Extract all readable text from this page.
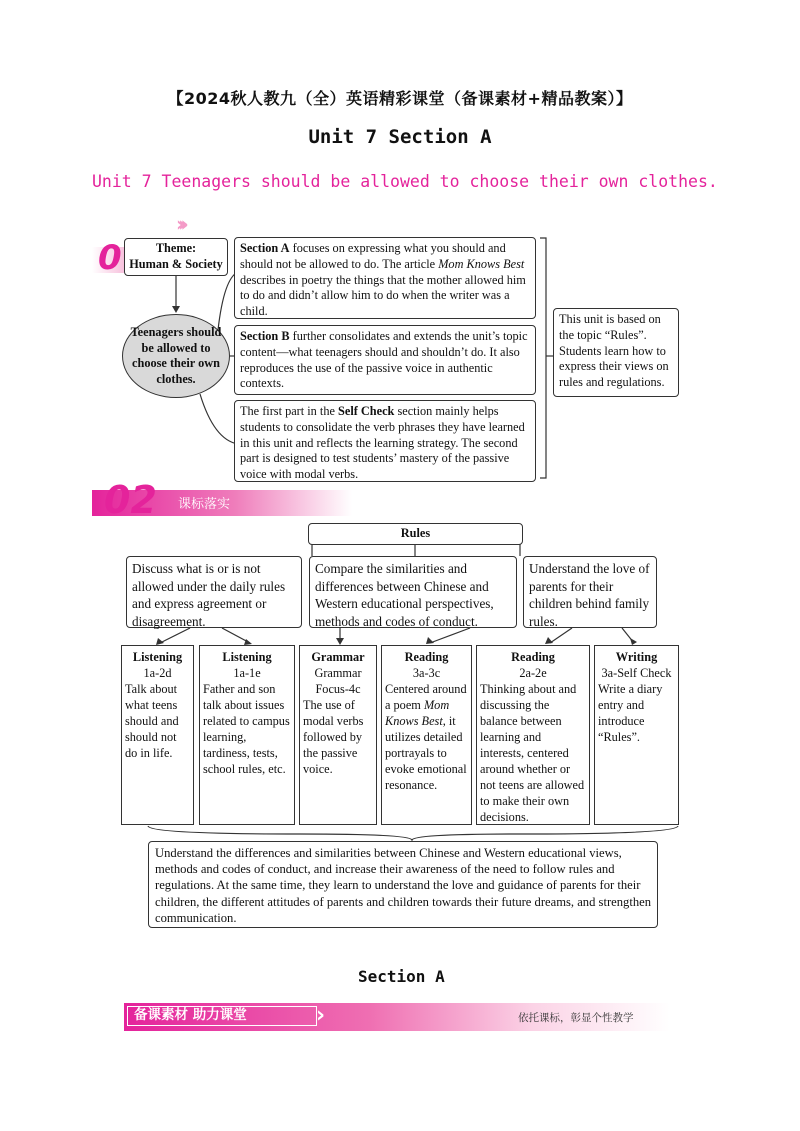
【2024秋人教九（全）英语精彩课堂（备课素材+精品教案）】
Unit 7 Section A
Unit 7 Teenagers should be allowed to choose their own clothes.
›››
0	Theme:
Human & Society
Teenagers should be allowed to choose their own clothes.
Section A focuses on expressing what you should and should not be allowed to do. The article Mom Knows Best describes in poetry the things that the mother allowed him to do and didn’t allow him to do when the writer was a child.
Section B further consolidates and extends the unit’s topic content—what teenagers should and shouldn’t do. It also reproduces the use of the passive voice in authentic contexts.
The first part in the Self Check section mainly helps students to consolidate the verb phrases they have learned in this unit and reflects the learning strategy. The second part is designed to test students’ mastery of the passive voice with modal verbs.
This unit is based on the topic “Rules”. Students learn how to express their views on rules and regulations.
02 课标落实
Rules
Discuss what is or is not allowed under the daily rules and express agreement or disagreement.
Compare the similarities and differences between Chinese and Western educational perspectives, methods and codes of conduct.
Understand the love of parents for their children behind family rules.
Listening
1a-2d
Talk about what teens should and should not do in life.
Listening
1a-1e
Father and son talk about issues related to campus learning, tardiness, tests, school rules, etc.
Grammar
Grammar Focus-4c
The use of modal verbs followed by the passive voice.
Reading
3a-3c
Centered around a poem Mom Knows Best, it utilizes detailed portrayals to evoke emotional resonance.
Reading
2a-2e
Thinking about and discussing the balance between learning and interests, centered around whether or not teens are allowed to make their own decisions.
Writing
3a-Self Check
Write a diary entry and introduce “Rules”.
Understand the differences and similarities between Chinese and Western educational views, methods and codes of conduct, and increase their awareness of the need to follow rules and regulations. At the same time, they learn to understand the love and guidance of parents for their children, the different attitudes of parents and children towards their future dreams, and strengthen communication.
Section A
备课素材 助力课堂	›	依托课标，彰显个性教学
